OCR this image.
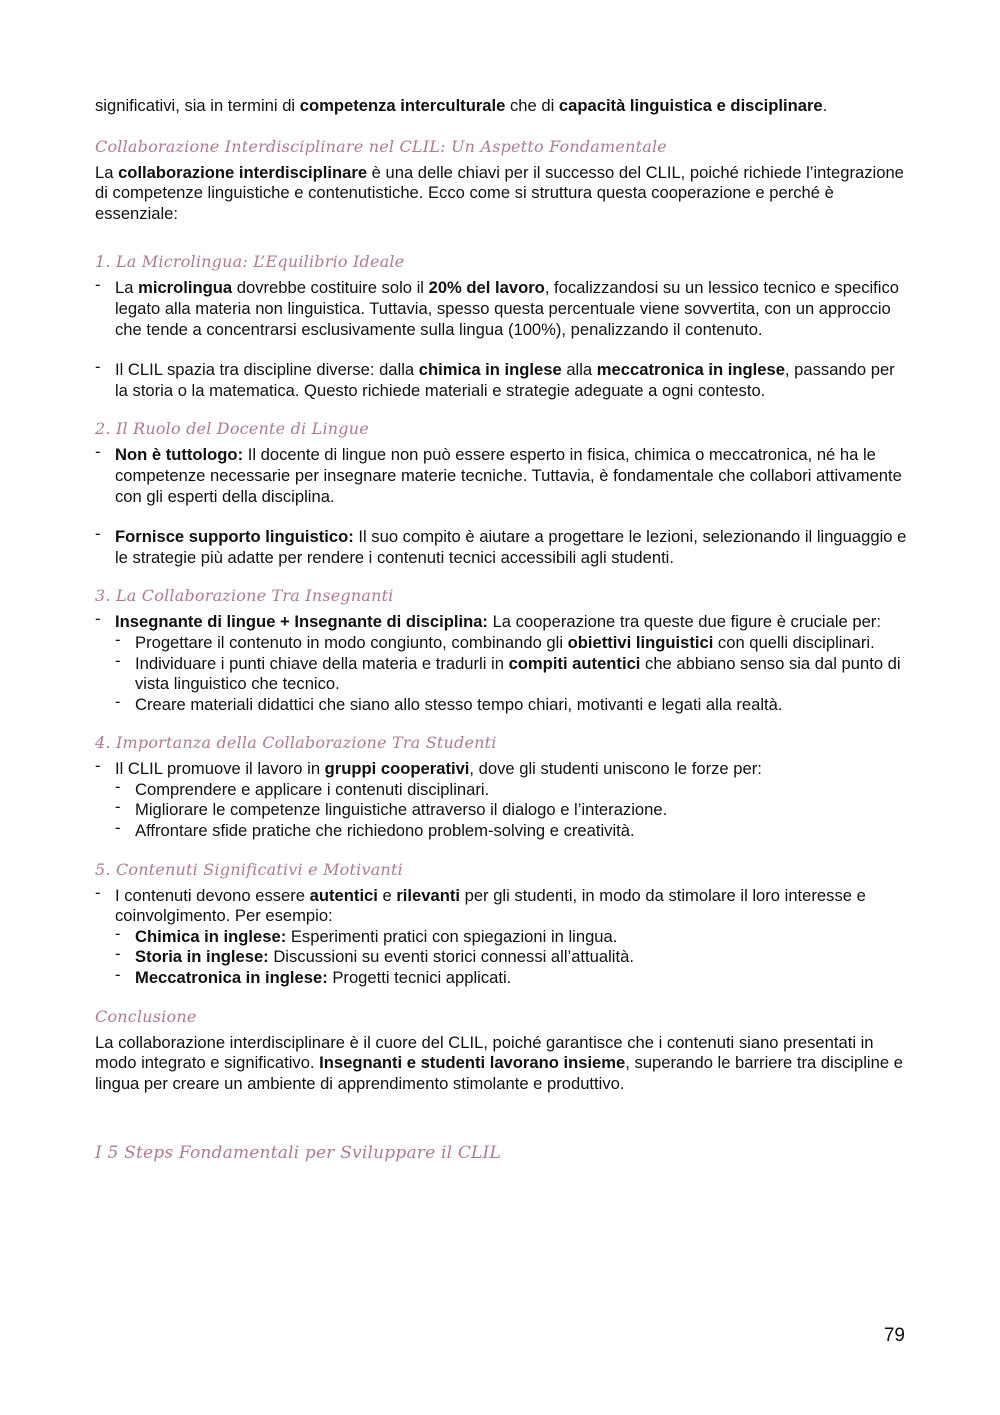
significativi, sia in termini di competenza interculturale che di capacità linguistica e disciplinare.

Collaborazione Interdisciplinare nel CLIL: Un Aspetto Fondamentale

La collaborazione interdisciplinare è una delle chiavi per il successo del CLIL, poiché richiede l’integrazione di competenze linguistiche e contenutistiche. Ecco come si struttura questa cooperazione e perché è essenziale:

1. La Microlingua: L’Equilibrio Ideale
- La microlingua dovrebbe costituire solo il 20% del lavoro, focalizzandosi su un lessico tecnico e specifico legato alla materia non linguistica. Tuttavia, spesso questa percentuale viene sovvertita, con un approccio che tende a concentrarsi esclusivamente sulla lingua (100%), penalizzando il contenuto.
- Il CLIL spazia tra discipline diverse: dalla chimica in inglese alla meccatronica in inglese, passando per la storia o la matematica. Questo richiede materiali e strategie adeguate a ogni contesto.
2. Il Ruolo del Docente di Lingue
- Non è tuttologo: Il docente di lingue non può essere esperto in fisica, chimica o meccatronica, né ha le competenze necessarie per insegnare materie tecniche. Tuttavia, è fondamentale che collabori attivamente con gli esperti della disciplina.
- Fornisce supporto linguistico: Il suo compito è aiutare a progettare le lezioni, selezionando il linguaggio e le strategie più adatte per rendere i contenuti tecnici accessibili agli studenti.
3. La Collaborazione Tra Insegnanti
- Insegnante di lingue + Insegnante di disciplina: La cooperazione tra queste due figure è cruciale per:
- Progettare il contenuto in modo congiunto, combinando gli obiettivi linguistici con quelli disciplinari.
- Individuare i punti chiave della materia e tradurli in compiti autentici che abbiano senso sia dal punto di vista linguistico che tecnico.
- Creare materiali didattici che siano allo stesso tempo chiari, motivanti e legati alla realtà.
4. Importanza della Collaborazione Tra Studenti
- Il CLIL promuove il lavoro in gruppi cooperativi, dove gli studenti uniscono le forze per:
- Comprendere e applicare i contenuti disciplinari.
- Migliorare le competenze linguistiche attraverso il dialogo e l’interazione.
- Affrontare sfide pratiche che richiedono problem-solving e creatività.
5. Contenuti Significativi e Motivanti
- I contenuti devono essere autentici e rilevanti per gli studenti, in modo da stimolare il loro interesse e coinvolgimento. Per esempio:
- Chimica in inglese: Esperimenti pratici con spiegazioni in lingua.
- Storia in inglese: Discussioni su eventi storici connessi all’attualità.
- Meccatronica in inglese: Progetti tecnici applicati.
Conclusione

La collaborazione interdisciplinare è il cuore del CLIL, poiché garantisce che i contenuti siano presentati in modo integrato e significativo. Insegnanti e studenti lavorano insieme, superando le barriere tra discipline e lingua per creare un ambiente di apprendimento stimolante e produttivo.

I 5 Steps Fondamentali per Sviluppare il CLIL
79
